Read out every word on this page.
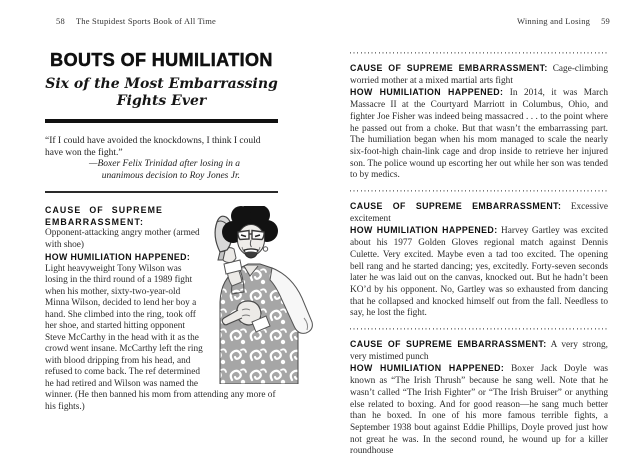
58 The Stupidest Sports Book of All Time
BOUTS OF HUMILIATION
Six of the Most Embarrassing
Fights Ever
“If I could have avoided the knockdowns, I think I could have won the fight.”
—Boxer Felix Trinidad after losing in a
unanimous decision to Roy Jones Jr.
CAUSE OF SUPREME EMBARRASSMENT:
Opponent-attacking angry mother (armed with shoe)
HOW HUMILIATION HAPPENED:
Light heavyweight Tony Wilson was losing in the third round of a 1989 fight when his mother, sixty-two-year-old Minna Wilson, decided to lend her boy a hand. She climbed into the ring, took off her shoe, and started hitting opponent Steve McCarthy in the head with it as the crowd went insane. McCarthy left the ring with blood dripping from his head, and refused to come back. The ref determined he had retired and Wilson was named the winner. (He then banned his mom from attending any more of his fights.)
Winning and Losing 59

CAUSE OF SUPREME EMBARRASSMENT: Cage-climbing worried mother at a mixed martial arts fight

HOW HUMILIATION HAPPENED: In 2014, it was March Massacre II at the Courtyard Marriott in Columbus, Ohio, and fighter Joe Fisher was indeed being massacred . . . to the point where he passed out from a choke. But that wasn’t the embarrassing part. The humiliation began when his mom managed to scale the nearly six-foot-high chain-link cage and drop inside to retrieve her injured son. The police wound up escorting her out while her son was tended to by medics.

CAUSE OF SUPREME EMBARRASSMENT: Excessive excitement

HOW HUMILIATION HAPPENED: Harvey Gartley was excited about his 1977 Golden Gloves regional match against Dennis Culette. Very excited. Maybe even a tad too excited. The opening bell rang and he started dancing; yes, excitedly. Forty-seven seconds later he was laid out on the canvas, knocked out. But he hadn’t been KO’d by his opponent. No, Gartley was so exhausted from dancing that he collapsed and knocked himself out from the fall. Needless to say, he lost the fight.

CAUSE OF SUPREME EMBARRASSMENT: A very strong, very mistimed punch

HOW HUMILIATION HAPPENED: Boxer Jack Doyle was known as “The Irish Thrush” because he sang well. Note that he wasn’t called “The Irish Fighter” or “The Irish Bruiser” or anything else related to boxing. And for good reason—he sang much better than he boxed. In one of his more famous terrible fights, a September 1938 bout against Eddie Phillips, Doyle proved just how not great he was. In the second round, he wound up for a killer roundhouse
